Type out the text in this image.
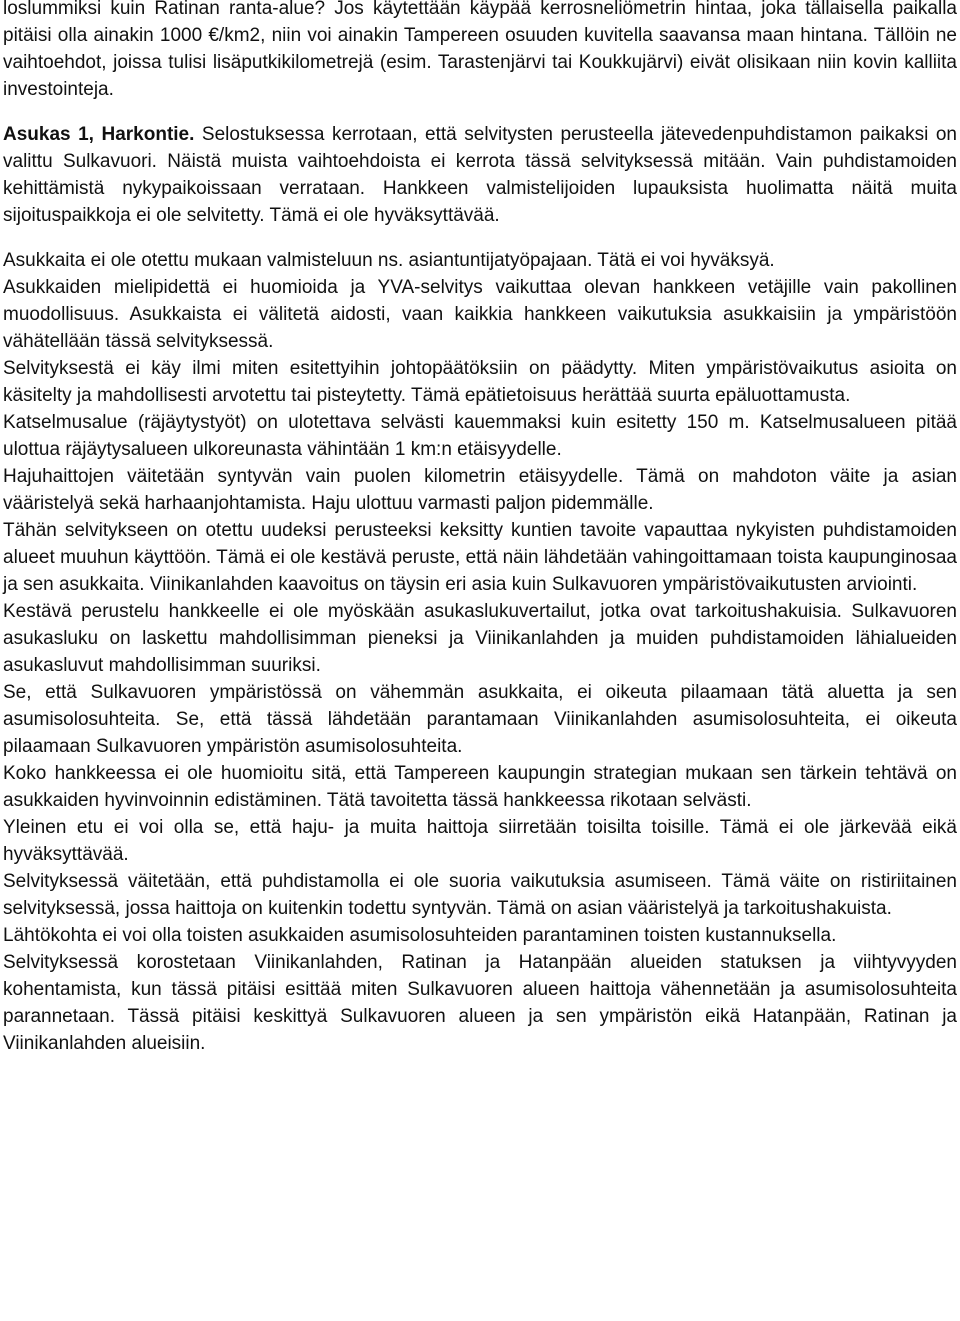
loslummiksi kuin Ratinan ranta-alue? Jos käytettään käypää kerrosneliömetrin hintaa, joka tällaisella paikalla pitäisi olla ainakin 1000 €/km2, niin voi ainakin Tampereen osuuden kuvitella saavansa maan hintana. Tällöin ne vaihtoehdot, joissa tulisi lisäputkikilometrejä (esim. Tarastenjärvi tai Koukkujärvi) eivät olisikaan niin kovin kalliita investointeja.

Asukas 1, Harkontie. Selostuksessa kerrotaan, että selvitysten perusteella jätevedenpuhdistamon paikaksi on valittu Sulkavuori. Näistä muista vaihtoehdoista ei kerrota tässä selvityksessä mitään. Vain puhdistamoiden kehittämistä nykypaikoissaan verrataan. Hankkeen valmistelijoiden lupauksista huolimatta näitä muita sijoituspaikkoja ei ole selvitetty. Tämä ei ole hyväksyttävää.

Asukkaita ei ole otettu mukaan valmisteluun ns. asiantuntijatyöpajaan. Tätä ei voi hyväksyä.

Asukkaiden mielipidettä ei huomioida ja YVA-selvitys vaikuttaa olevan hankkeen vetäjille vain pakollinen muodollisuus. Asukkaista ei välitetä aidosti, vaan kaikkia hankkeen vaikutuksia asukkaisiin ja ympäristöön vähätellään tässä selvityksessä.

Selvityksestä ei käy ilmi miten esitettyihin johtopäätöksiin on päädytty. Miten ympäristövaikutus asioita on käsitelty ja mahdollisesti arvotettu tai pisteytetty. Tämä epätietoisuus herättää suurta epäluottamusta.

Katselmusalue (räjäytystyöt) on ulotettava selvästi kauemmaksi kuin esitetty 150 m. Katselmusalueen pitää ulottua räjäytysalueen ulkoreunasta vähintään 1 km:n etäisyydelle.

Hajuhaittojen väitetään syntyvän vain puolen kilometrin etäisyydelle. Tämä on mahdoton väite ja asian vääristelyä sekä harhaanjohtamista. Haju ulottuu varmasti paljon pidemmälle.

Tähän selvitykseen on otettu uudeksi perusteeksi keksitty kuntien tavoite vapauttaa nykyisten puhdistamoiden alueet muuhun käyttöön. Tämä ei ole kestävä peruste, että näin lähdetään vahingoittamaan toista kaupunginosaa ja sen asukkaita. Viinikanlahden kaavoitus on täysin eri asia kuin Sulkavuoren ympäristövaikutusten arviointi.

Kestävä perustelu hankkeelle ei ole myöskään asukaslukuvertailut, jotka ovat tarkoitushakuisia. Sulkavuoren asukasluku on laskettu mahdollisimman pieneksi ja Viinikanlahden ja muiden puhdistamoiden lähialueiden asukasluvut mahdollisimman suuriksi.

Se, että Sulkavuoren ympäristössä on vähemmän asukkaita, ei oikeuta pilaamaan tätä aluetta ja sen asumisolosuhteita. Se, että tässä lähdetään parantamaan Viinikanlahden asumisolosuhteita, ei oikeuta pilaamaan Sulkavuoren ympäristön asumisolosuhteita.

Koko hankkeessa ei ole huomioitu sitä, että Tampereen kaupungin strategian mukaan sen tärkein tehtävä on asukkaiden hyvinvoinnin edistäminen. Tätä tavoitetta tässä hankkeessa rikotaan selvästi.

Yleinen etu ei voi olla se, että haju- ja muita haittoja siirretään toisilta toisille. Tämä ei ole järkevää eikä hyväksyttävää.

Selvityksessä väitetään, että puhdistamolla ei ole suoria vaikutuksia asumiseen. Tämä väite on ristiriitainen selvityksessä, jossa haittoja on kuitenkin todettu syntyvän. Tämä on asian vääristelyä ja tarkoitushakuista.

Lähtökohta ei voi olla toisten asukkaiden asumisolosuhteiden parantaminen toisten kustannuksella.

Selvityksessä korostetaan Viinikanlahden, Ratinan ja Hatanpään alueiden statuksen ja viihtyvyyden kohentamista, kun tässä pitäisi esittää miten Sulkavuoren alueen haittoja vähennetään ja asumisolosuhteita parannetaan. Tässä pitäisi keskittyä Sulkavuoren alueen ja sen ympäristön eikä Hatanpään, Ratinan ja Viinikanlahden alueisiin.
